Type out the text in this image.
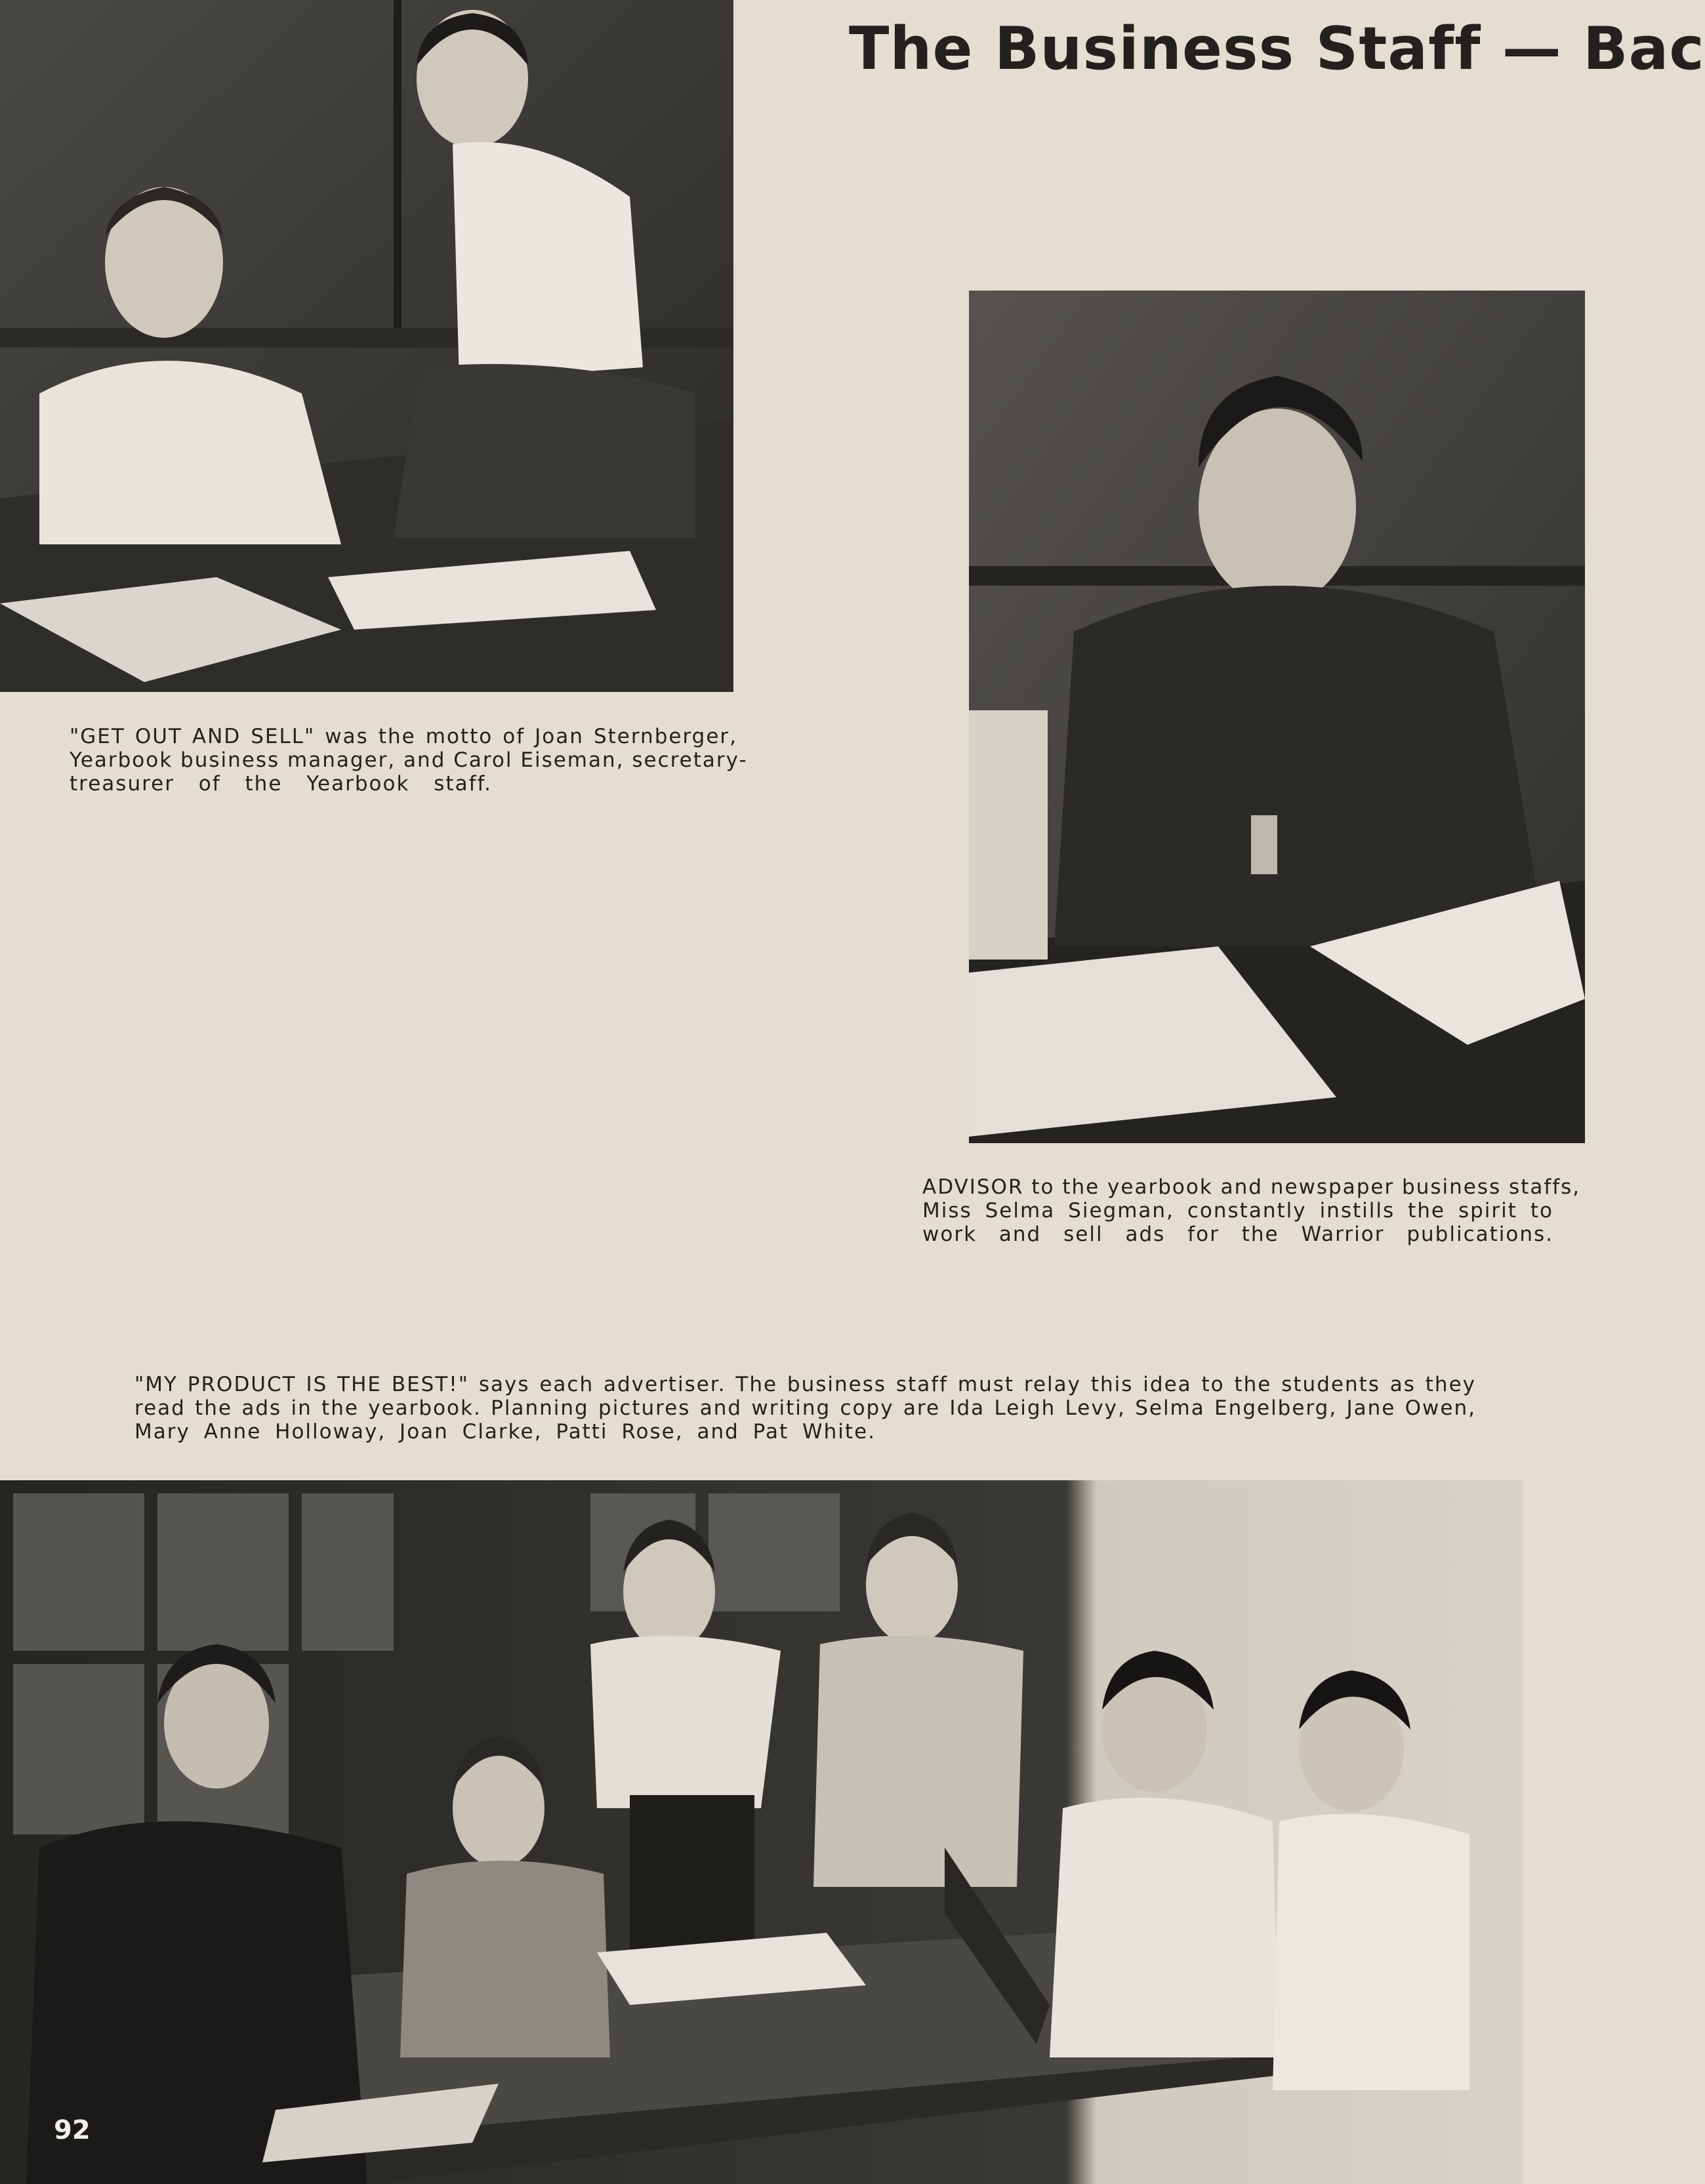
The Business Staff — Bac
"GET OUT AND SELL" was the motto of Joan Sternberger,
Yearbook business manager, and Carol Eiseman, secretary-
treasurer of the Yearbook staff.
ADVISOR to the yearbook and newspaper business staffs,
Miss Selma Siegman, constantly instills the spirit to
work and sell ads for the Warrior publications.
"MY PRODUCT IS THE BEST!" says each advertiser. The business staff must relay this idea to the students as they
read the ads in the yearbook. Planning pictures and writing copy are Ida Leigh Levy, Selma Engelberg, Jane Owen,
Mary Anne Holloway, Joan Clarke, Patti Rose, and Pat White.
92
